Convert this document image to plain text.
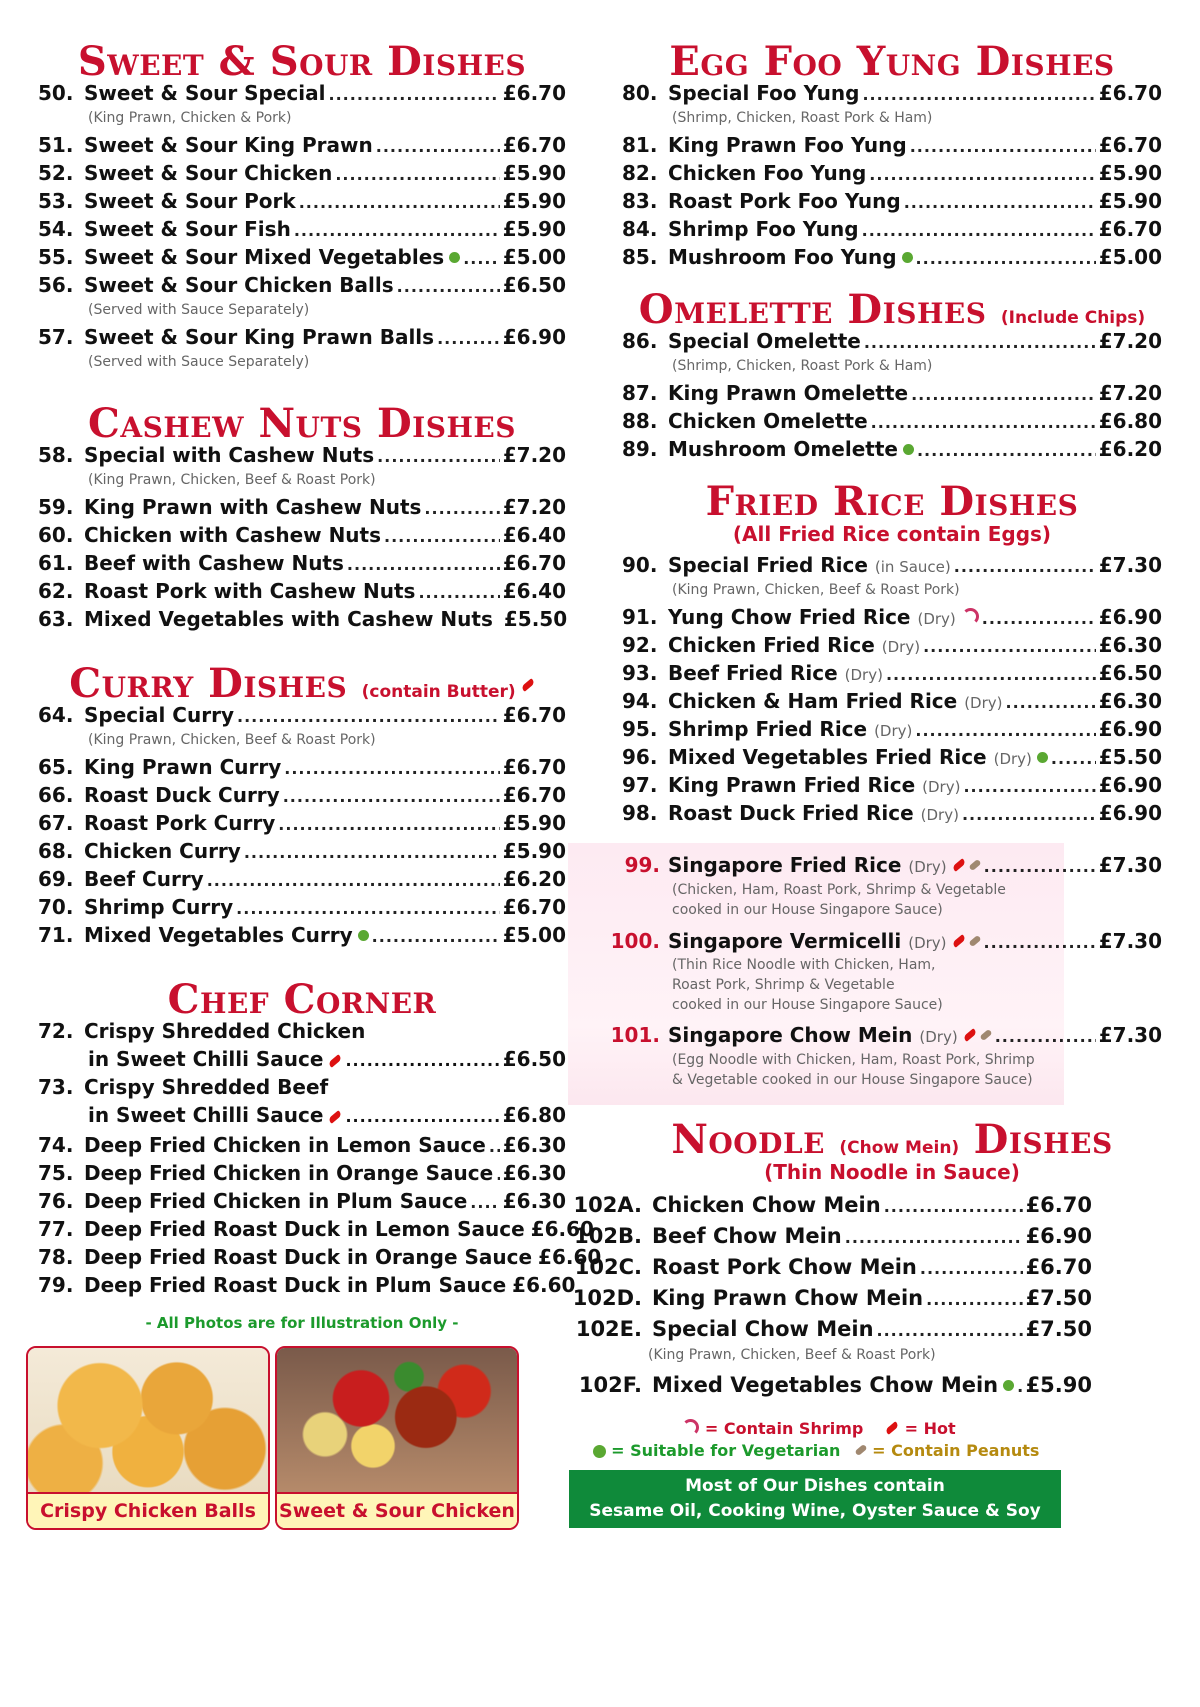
Sweet & Sour Dishes
50. Sweet & Sour Special .....	£6.70
(King Prawn, Chicken & Pork)
51. Sweet & Sour King Prawn .....	£6.70
52. Sweet & Sour Chicken .....	£5.90
53. Sweet & Sour Pork .....	£5.90
54. Sweet & Sour Fish .....	£5.90
55. Sweet & Sour Mixed Vegetables .....	£5.00
56. Sweet & Sour Chicken Balls .....	£6.50
(Served with Sauce Separately)
57. Sweet & Sour King Prawn Balls .....	£6.90
(Served with Sauce Separately)
Cashew Nuts Dishes
58. Special with Cashew Nuts .....	£7.20
(King Prawn, Chicken, Beef & Roast Pork)
59. King Prawn with Cashew Nuts .....	£7.20
60. Chicken with Cashew Nuts .....	£6.40
61. Beef with Cashew Nuts .....	£6.70
62. Roast Pork with Cashew Nuts .....	£6.40
63. Mixed Vegetables with Cashew Nuts £5.50
Curry Dishes (contain Butter)
64. Special Curry .....	£6.70
(King Prawn, Chicken, Beef & Roast Pork)
65. King Prawn Curry .....	£6.70
66. Roast Duck Curry .....	£6.70
67. Roast Pork Curry .....	£5.90
68. Chicken Curry .....	£5.90
69. Beef Curry .....	£6.20
70. Shrimp Curry .....	£6.70
71. Mixed Vegetables Curry .....	£5.00
Chef Corner
72. Crispy Shredded Chicken
in Sweet Chilli Sauce .....	£6.50
73. Crispy Shredded Beef
in Sweet Chilli Sauce .....	£6.80
74. Deep Fried Chicken in Lemon Sauce ..... £6.30
75. Deep Fried Chicken in Orange Sauce ..... £6.30
76. Deep Fried Chicken in Plum Sauce ..... £6.30
77. Deep Fried Roast Duck in Lemon Sauce £6.60
78. Deep Fried Roast Duck in Orange Sauce £6.60
79. Deep Fried Roast Duck in Plum Sauce £6.60
- All Photos are for Illustration Only -
Crispy Chicken Balls	Sweet & Sour Chicken
Egg Foo Yung Dishes
80. Special Foo Yung .....	£6.70
(Shrimp, Chicken, Roast Pork & Ham)
81. King Prawn Foo Yung .....	£6.70
82. Chicken Foo Yung .....	£5.90
83. Roast Pork Foo Yung .....	£5.90
84. Shrimp Foo Yung .....	£6.70
85. Mushroom Foo Yung .....	£5.00
Omelette Dishes (Include Chips)
86. Special Omelette .....	£7.20
(Shrimp, Chicken, Roast Pork & Ham)
87. King Prawn Omelette .....	£7.20
88. Chicken Omelette .....	£6.80
89. Mushroom Omelette .....	£6.20
Fried Rice Dishes
(All Fried Rice contain Eggs)
90. Special Fried Rice (in Sauce) .....	£7.30
(King Prawn, Chicken, Beef & Roast Pork)
91. Yung Chow Fried Rice (Dry) .....	£6.90
92. Chicken Fried Rice (Dry) .....	£6.30
93. Beef Fried Rice (Dry) .....	£6.50
94. Chicken & Ham Fried Rice (Dry) .....	£6.30
95. Shrimp Fried Rice (Dry) .....	£6.90
96. Mixed Vegetables Fried Rice (Dry) .....	£5.50
97. King Prawn Fried Rice (Dry) .....	£6.90
98. Roast Duck Fried Rice (Dry) .....	£6.90
99. Singapore Fried Rice (Dry) .....	£7.30
(Chicken, Ham, Roast Pork, Shrimp & Vegetable
cooked in our House Singapore Sauce)
100. Singapore Vermicelli (Dry) .....	£7.30
(Thin Rice Noodle with Chicken, Ham,
Roast Pork, Shrimp & Vegetable
cooked in our House Singapore Sauce)
101. Singapore Chow Mein (Dry) .....	£7.30
(Egg Noodle with Chicken, Ham, Roast Pork, Shrimp
& Vegetable cooked in our House Singapore Sauce)
Noodle (Chow Mein) Dishes
(Thin Noodle in Sauce)
102A. Chicken Chow Mein .....	£6.70
102B. Beef Chow Mein .....	£6.90
102C. Roast Pork Chow Mein .....	£6.70
102D. King Prawn Chow Mein .....	£7.50
102E. Special Chow Mein .....	£7.50
(King Prawn, Chicken, Beef & Roast Pork)
102F. Mixed Vegetables Chow Mein ..... £5.90
= Contain Shrimp	= Hot
= Suitable for Vegetarian = Contain Peanuts
Most of Our Dishes contain
Sesame Oil, Cooking Wine, Oyster Sauce & Soy Sauce
